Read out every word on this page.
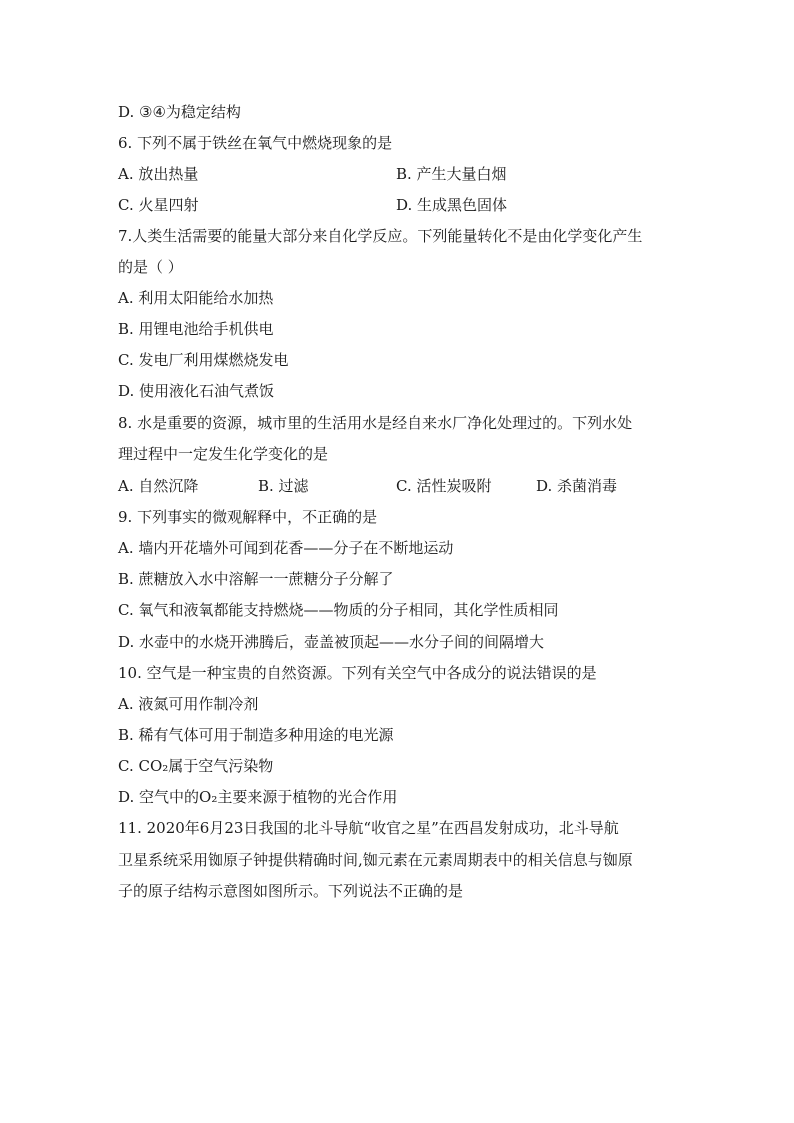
D. ③④为稳定结构
6. 下列不属于铁丝在氧气中燃烧现象的是
A. 放出热量	B. 产生大量白烟
C. 火星四射	D. 生成黑色固体
7.人类生活需要的能量大部分来自化学反应。下列能量转化不是由化学变化产生
的是（ ）
A. 利用太阳能给水加热
B. 用锂电池给手机供电
C. 发电厂利用煤燃烧发电
D. 使用液化石油气煮饭
8. 水是重要的资源，城市里的生活用水是经自来水厂净化处理过的。下列水处
理过程中一定发生化学变化的是
A. 自然沉降	B. 过滤	C. 活性炭吸附	D. 杀菌消毒
9. 下列事实的微观解释中，不正确的是
A. 墙内开花墙外可闻到花香——分子在不断地运动
B. 蔗糖放入水中溶解一一蔗糖分子分解了
C. 氧气和液氧都能支持燃烧——物质的分子相同，其化学性质相同
D. 水壶中的水烧开沸腾后，壶盖被顶起——水分子间的间隔增大
10. 空气是一种宝贵的自然资源。下列有关空气中各成分的说法错误的是
A. 液氮可用作制冷剂
B. 稀有气体可用于制造多种用途的电光源
C. CO₂属于空气污染物
D. 空气中的O₂主要来源于植物的光合作用
11. 2020年6月23日我国的北斗导航“收官之星”在西昌发射成功，北斗导航
卫星系统采用铷原子钟提供精确时间,铷元素在元素周期表中的相关信息与铷原
子的原子结构示意图如图所示。下列说法不正确的是
